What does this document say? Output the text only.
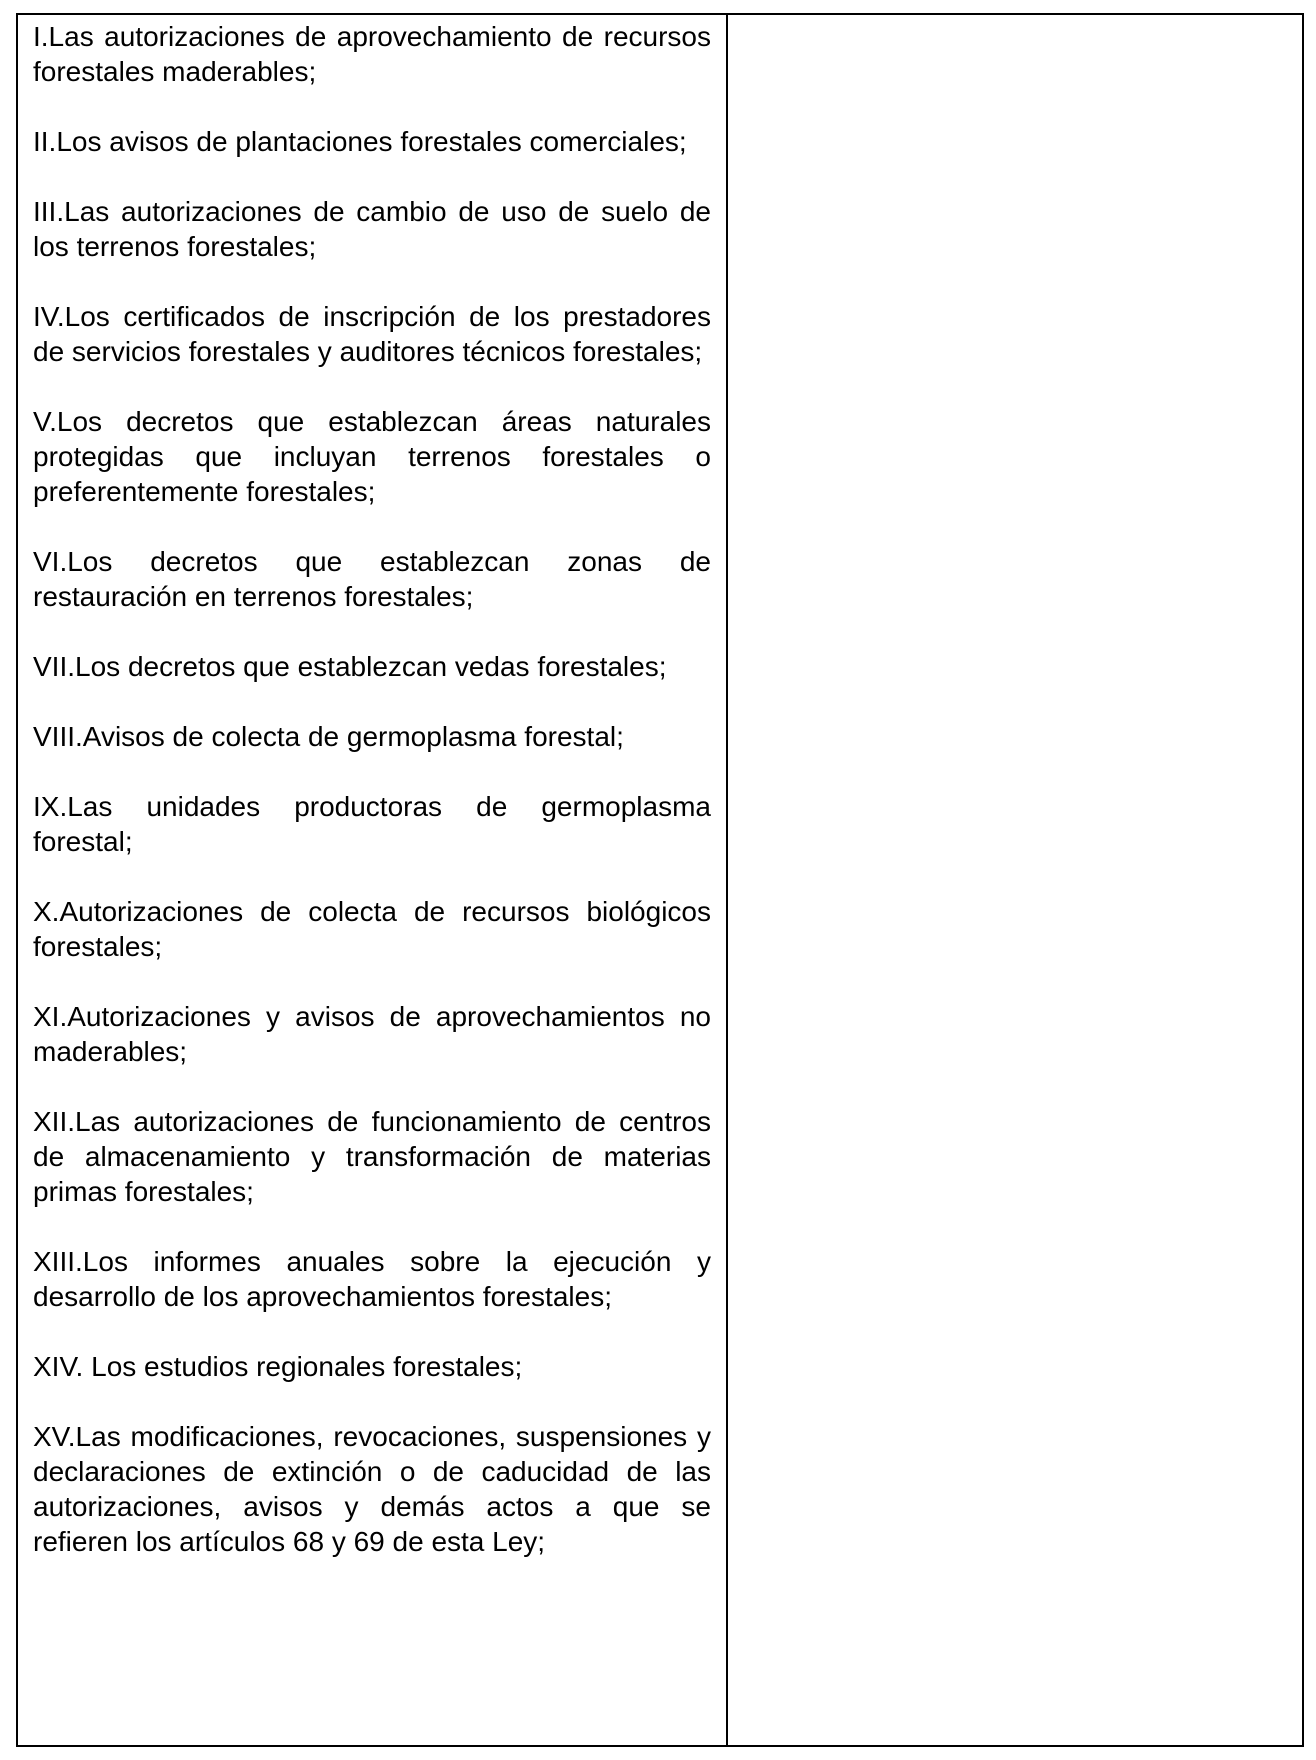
I.Las autorizaciones de aprovechamiento de recursos forestales maderables;

II.Los avisos de plantaciones forestales comerciales;

III.Las autorizaciones de cambio de uso de suelo de los terrenos forestales;

IV.Los certificados de inscripción de los prestadores de servicios forestales y auditores técnicos forestales;

V.Los decretos que establezcan áreas naturales protegidas que incluyan terrenos forestales o preferentemente forestales;

VI.Los decretos que establezcan zonas de restauración en terrenos forestales;

VII.Los decretos que establezcan vedas forestales;

VIII.Avisos de colecta de germoplasma forestal;

IX.Las unidades productoras de germoplasma forestal;

X.Autorizaciones de colecta de recursos biológicos forestales;

XI.Autorizaciones y avisos de aprovechamientos no maderables;

XII.Las autorizaciones de funcionamiento de centros de almacenamiento y transformación de materias primas forestales;

XIII.Los informes anuales sobre la ejecución y desarrollo de los aprovechamientos forestales;

XIV. Los estudios regionales forestales;

XV.Las modificaciones, revocaciones, suspensiones y declaraciones de extinción o de caducidad de las autorizaciones, avisos y demás actos a que se refieren los artículos 68 y 69 de esta Ley;
